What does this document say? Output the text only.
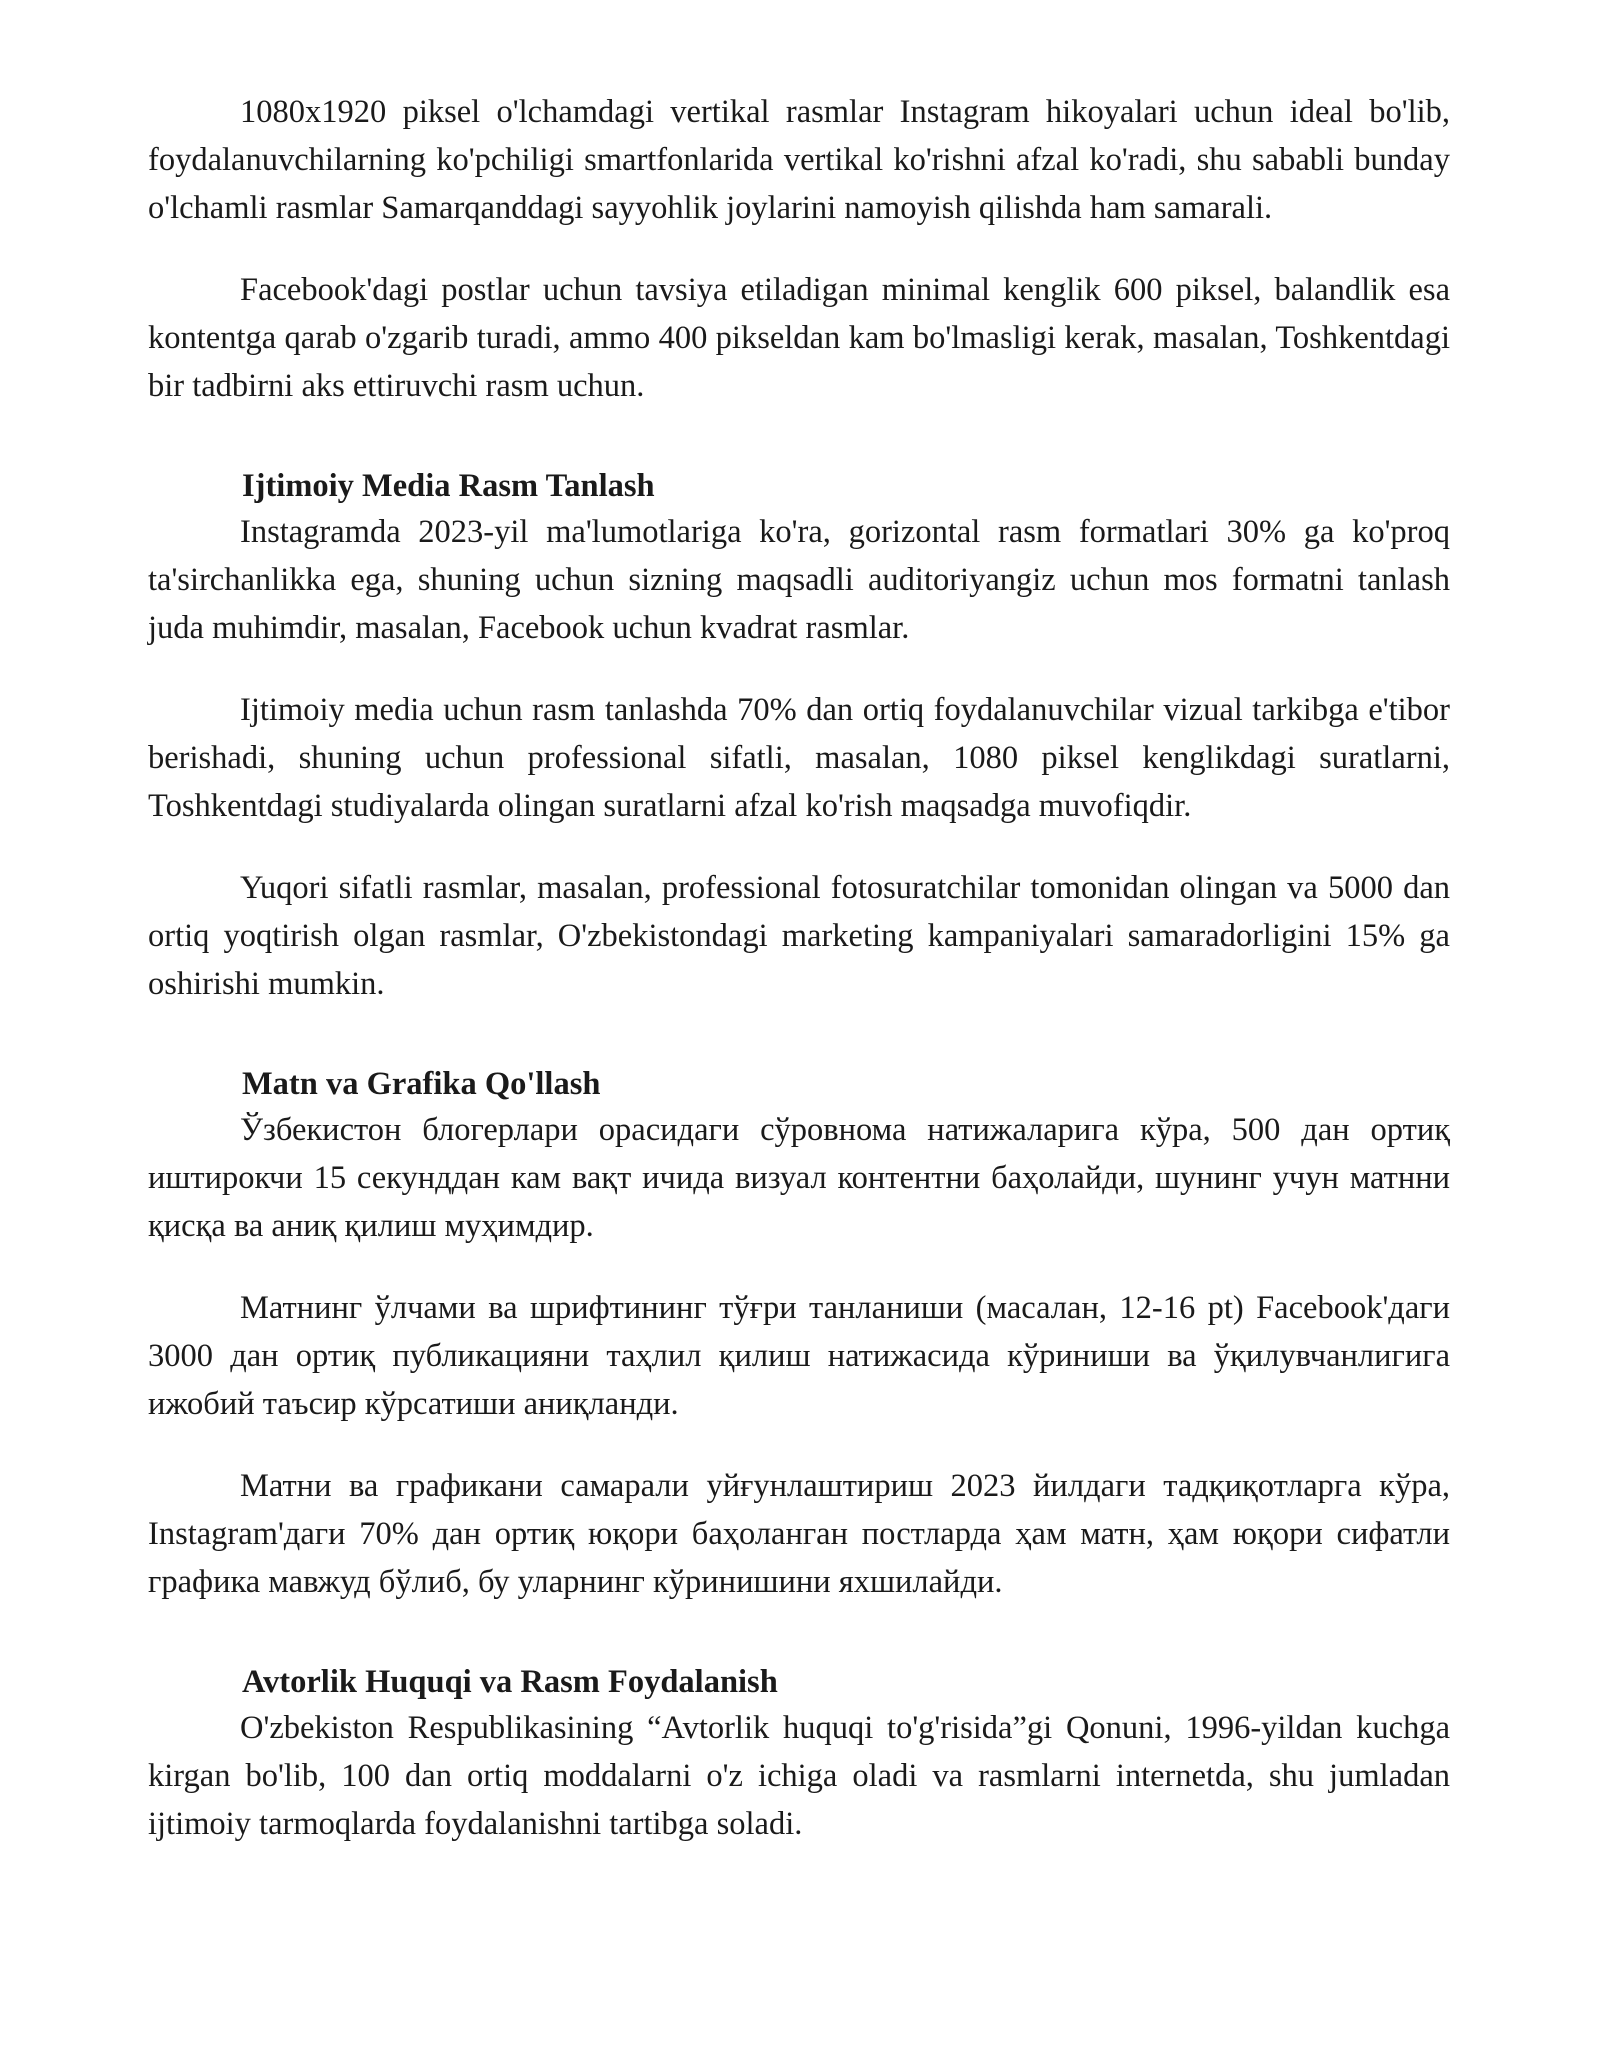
1080x1920 piksel o'lchamdagi vertikal rasmlar Instagram hikoyalari uchun ideal bo'lib, foydalanuvchilarning ko'pchiligi smartfonlarida vertikal ko'rishni afzal ko'radi, shu sababli bunday o'lchamli rasmlar Samarqanddagi sayyohlik joylarini namoyish qilishda ham samarali.

Facebook'dagi postlar uchun tavsiya etiladigan minimal kenglik 600 piksel, balandlik esa kontentga qarab o'zgarib turadi, ammo 400 pikseldan kam bo'lmasligi kerak, masalan, Toshkentdagi bir tadbirni aks ettiruvchi rasm uchun.

Ijtimoiy Media Rasm Tanlash

Instagramda 2023-yil ma'lumotlariga ko'ra, gorizontal rasm formatlari 30% ga ko'proq ta'sirchanlikka ega, shuning uchun sizning maqsadli auditoriyangiz uchun mos formatni tanlash juda muhimdir, masalan, Facebook uchun kvadrat rasmlar.

Ijtimoiy media uchun rasm tanlashda 70% dan ortiq foydalanuvchilar vizual tarkibga e'tibor berishadi, shuning uchun professional sifatli, masalan, 1080 piksel kenglikdagi suratlarni, Toshkentdagi studiyalarda olingan suratlarni afzal ko'rish maqsadga muvofiqdir.

Yuqori sifatli rasmlar, masalan, professional fotosuratchilar tomonidan olingan va 5000 dan ortiq yoqtirish olgan rasmlar, O'zbekistondagi marketing kampaniyalari samaradorligini 15% ga oshirishi mumkin.

Matn va Grafika Qo'llash

Ўзбекистон блогерлари орасидаги сўровнома натижаларига кўра, 500 дан ортиқ иштирокчи 15 секунддан кам вақт ичида визуал контентни баҳолайди, шунинг учун матнни қисқа ва аниқ қилиш муҳимдир.

Матнинг ўлчами ва шрифтининг тўғри танланиши (масалан, 12-16 pt) Facebook'даги 3000 дан ортиқ публикацияни таҳлил қилиш натижасида кўриниши ва ўқилувчанлигига ижобий таъсир кўрсатиши аниқланди.

Матни ва графикани самарали уйғунлаштириш 2023 йилдаги тадқиқотларга кўра, Instagram'даги 70% дан ортиқ юқори баҳоланган постларда ҳам матн, ҳам юқори сифатли графика мавжуд бўлиб, бу уларнинг кўринишини яхшилайди.

Avtorlik Huquqi va Rasm Foydalanish

O'zbekiston Respublikasining “Avtorlik huquqi to'g'risida”gi Qonuni, 1996-yildan kuchga kirgan bo'lib, 100 dan ortiq moddalarni o'z ichiga oladi va rasmlarni internetda, shu jumladan ijtimoiy tarmoqlarda foydalanishni tartibga soladi.
